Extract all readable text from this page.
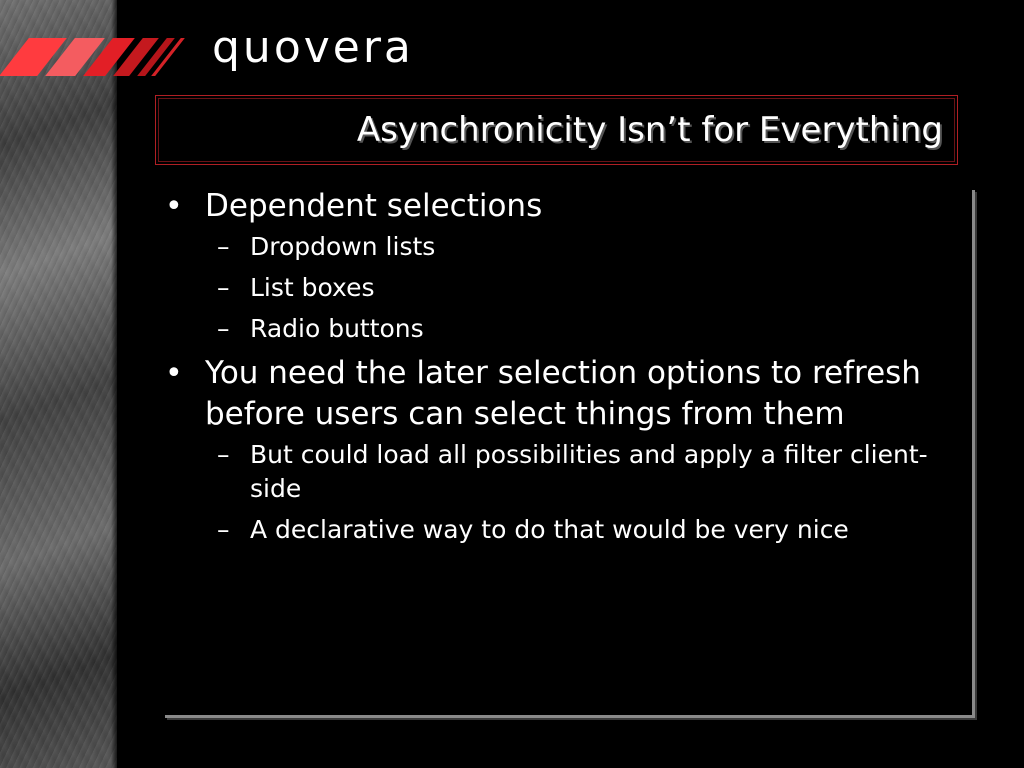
quovera
Asynchronicity Isn’t for Everything
• Dependent selections
– Dropdown lists
– List boxes
– Radio buttons
• You need the later selection options to refresh before users can select things from them
– But could load all possibilities and apply a filter client-side
– A declarative way to do that would be very nice
